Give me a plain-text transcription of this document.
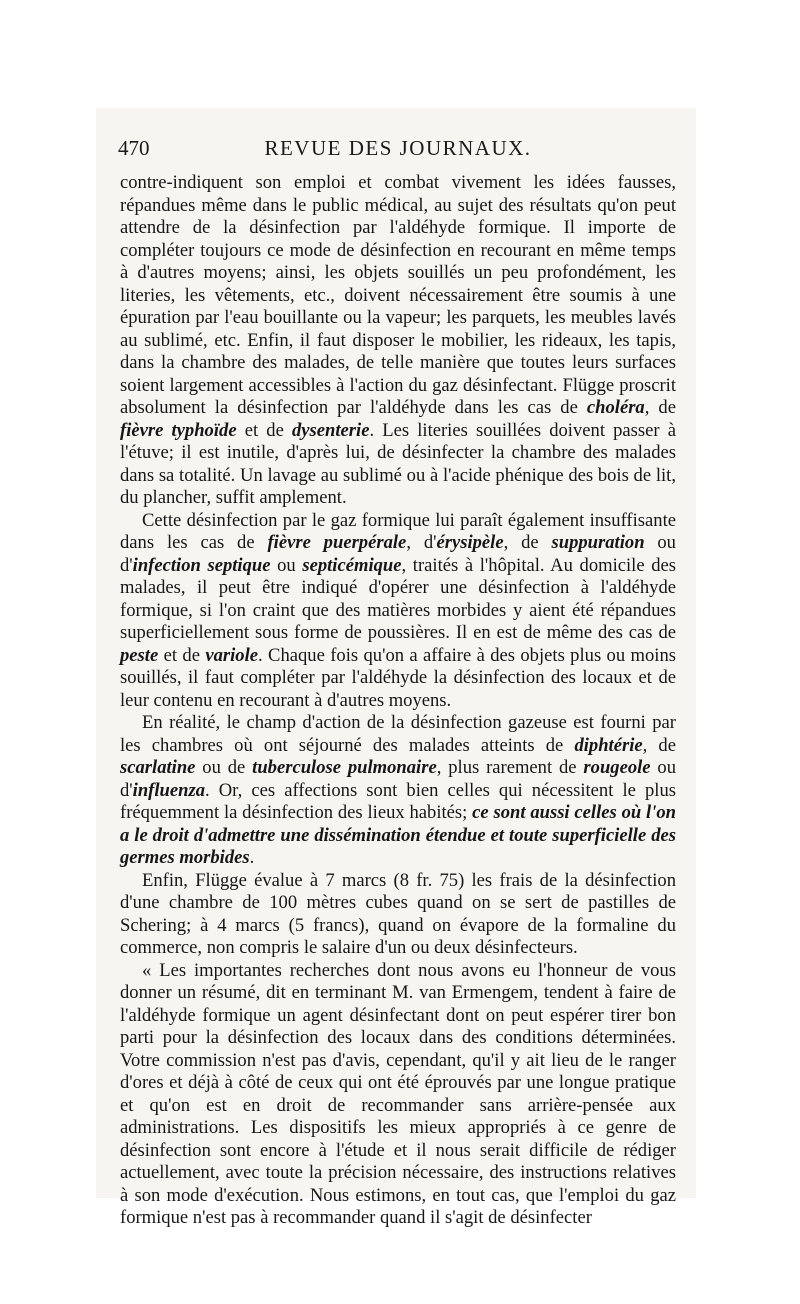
470	REVUE DES JOURNAUX.

contre-indiquent son emploi et combat vivement les idées fausses, répandues même dans le public médical, au sujet des résultats qu'on peut attendre de la désinfection par l'aldéhyde formique. Il importe de compléter toujours ce mode de désinfection en recourant en même temps à d'autres moyens; ainsi, les objets souillés un peu profondément, les literies, les vêtements, etc., doivent nécessairement être soumis à une épuration par l'eau bouillante ou la vapeur; les parquets, les meubles lavés au sublimé, etc. Enfin, il faut disposer le mobilier, les rideaux, les tapis, dans la chambre des malades, de telle manière que toutes leurs surfaces soient largement accessibles à l'action du gaz désinfectant. Flügge proscrit absolument la désinfection par l'aldéhyde dans les cas de choléra, de fièvre typhoïde et de dysenterie. Les literies souillées doivent passer à l'étuve; il est inutile, d'après lui, de désinfecter la chambre des malades dans sa totalité. Un lavage au sublimé ou à l'acide phénique des bois de lit, du plancher, suffit amplement.

Cette désinfection par le gaz formique lui paraît également insuffisante dans les cas de fièvre puerpérale, d'érysipèle, de suppuration ou d'infection septique ou septicémique, traités à l'hôpital. Au domicile des malades, il peut être indiqué d'opérer une désinfection à l'aldéhyde formique, si l'on craint que des matières morbides y aient été répandues superficiellement sous forme de poussières. Il en est de même des cas de peste et de variole. Chaque fois qu'on a affaire à des objets plus ou moins souillés, il faut compléter par l'aldéhyde la désinfection des locaux et de leur contenu en recourant à d'autres moyens.

En réalité, le champ d'action de la désinfection gazeuse est fourni par les chambres où ont séjourné des malades atteints de diphtérie, de scarlatine ou de tuberculose pulmonaire, plus rarement de rougeole ou d'influenza. Or, ces affections sont bien celles qui nécessitent le plus fréquemment la désinfection des lieux habités; ce sont aussi celles où l'on a le droit d'admettre une dissémination étendue et toute superficielle des germes morbides.

Enfin, Flügge évalue à 7 marcs (8 fr. 75) les frais de la désinfection d'une chambre de 100 mètres cubes quand on se sert de pastilles de Schering; à 4 marcs (5 francs), quand on évapore de la formaline du commerce, non compris le salaire d'un ou deux désinfecteurs.

« Les importantes recherches dont nous avons eu l'honneur de vous donner un résumé, dit en terminant M. van Ermengem, tendent à faire de l'aldéhyde formique un agent désinfectant dont on peut espérer tirer bon parti pour la désinfection des locaux dans des conditions déterminées. Votre commission n'est pas d'avis, cependant, qu'il y ait lieu de le ranger d'ores et déjà à côté de ceux qui ont été éprouvés par une longue pratique et qu'on est en droit de recommander sans arrière-pensée aux administrations. Les dispositifs les mieux appropriés à ce genre de désinfection sont encore à l'étude et il nous serait difficile de rédiger actuellement, avec toute la précision nécessaire, des instructions relatives à son mode d'exécution. Nous estimons, en tout cas, que l'emploi du gaz formique n'est pas à recommander quand il s'agit de désinfecter
